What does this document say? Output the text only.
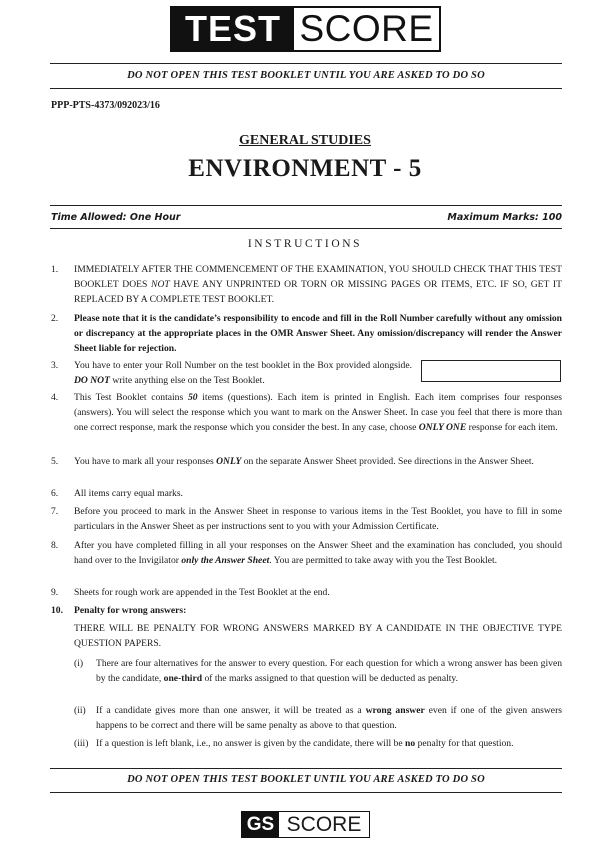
TEST SCORE
DO NOT OPEN THIS TEST BOOKLET UNTIL YOU ARE ASKED TO DO SO
PPP-PTS-4373/092023/16
GENERAL STUDIES
ENVIRONMENT - 5
Time Allowed: One Hour	Maximum Marks: 100
INSTRUCTIONS
1. IMMEDIATELY AFTER THE COMMENCEMENT OF THE EXAMINATION, YOU SHOULD CHECK THAT THIS TEST BOOKLET DOES NOT HAVE ANY UNPRINTED OR TORN OR MISSING PAGES OR ITEMS, ETC. IF SO, GET IT REPLACED BY A COMPLETE TEST BOOKLET.
2. Please note that it is the candidate’s responsibility to encode and fill in the Roll Number carefully without any omission or discrepancy at the appropriate places in the OMR Answer Sheet. Any omission/discrepancy will render the Answer Sheet liable for rejection.
3. You have to enter your Roll Number on the test booklet in the Box provided alongside. DO NOT write anything else on the Test Booklet.
4. This Test Booklet contains 50 items (questions). Each item is printed in English. Each item comprises four responses (answers). You will select the response which you want to mark on the Answer Sheet. In case you feel that there is more than one correct response, mark the response which you consider the best. In any case, choose ONLY ONE response for each item.
5. You have to mark all your responses ONLY on the separate Answer Sheet provided. See directions in the Answer Sheet.
6. All items carry equal marks.
7. Before you proceed to mark in the Answer Sheet in response to various items in the Test Booklet, you have to fill in some particulars in the Answer Sheet as per instructions sent to you with your Admission Certificate.
8. After you have completed filling in all your responses on the Answer Sheet and the examination has concluded, you should hand over to the Invigilator only the Answer Sheet. You are permitted to take away with you the Test Booklet.
9. Sheets for rough work are appended in the Test Booklet at the end.
10. Penalty for wrong answers:
THERE WILL BE PENALTY FOR WRONG ANSWERS MARKED BY A CANDIDATE IN THE OBJECTIVE TYPE QUESTION PAPERS.
(i) There are four alternatives for the answer to every question. For each question for which a wrong answer has been given by the candidate, one-third of the marks assigned to that question will be deducted as penalty.
(ii) If a candidate gives more than one answer, it will be treated as a wrong answer even if one of the given answers happens to be correct and there will be same penalty as above to that question.
(iii) If a question is left blank, i.e., no answer is given by the candidate, there will be no penalty for that question.
DO NOT OPEN THIS TEST BOOKLET UNTIL YOU ARE ASKED TO DO SO
GS SCORE
